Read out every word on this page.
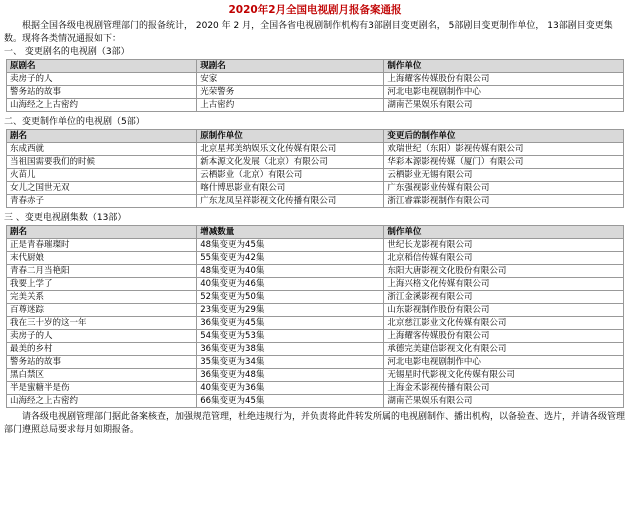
2020年2月全国电视剧月报备案通报
根据全国各级电视剧管理部门的报备统计， 2020 年 2 月，全国各省电视剧制作机构有3部剧目变更剧名， 5部剧目变更制作单位， 13部剧目变更集数。现将各类情况通报如下：
一、 变更剧名的电视剧（3部）
原剧名	现剧名	制作单位
卖房子的人	安家	上海耀客传媒股份有限公司
警务站的故事	光荣警务	河北电影电视剧制作中心
山海经之上古密约	上古密约	湖南芒果娱乐有限公司
二、变更制作单位的电视剧（5部）
剧名	原制作单位	变更后的制作单位
东成西就	北京星邦美纳娱乐文化传媒有限公司	欢瑞世纪（东阳）影视传媒有限公司
当祖国需要我们的时候	新本源文化发展（北京）有限公司	华彩本源影视传媒（厦门）有限公司
火苗儿	云栖影业（北京）有限公司	云栖影业无锡有限公司
女儿之国世无双	喀什博思影业有限公司	广东强视影业传媒有限公司
青春赤子	广东龙凤呈祥影视文化传播有限公司	浙江睿霖影视制作有限公司
三 、变更电视剧集数（13部）
剧名	增减数量	制作单位
正是青春璀璨时	48集变更为45集	世纪长龙影视有限公司
末代厨娘	55集变更为42集	北京稻信传媒有限公司
青春二月当艳阳	48集变更为40集	东阳大唐影视文化股份有限公司
我要上学了	40集变更为46集	上海兴格文化传媒有限公司
完美关系	52集变更为50集	浙江金溪影视有限公司
百尊迷踪	23集变更为29集	山东影视制作股份有限公司
我在三十岁的这一年	36集变更为45集	北京慈江影业文化传媒有限公司
卖房子的人	54集变更为53集	上海耀客传媒股份有限公司
最美的乡村	36集变更为38集	承德完美建信影视文化有限公司
警务站的故事	35集变更为34集	河北电影电视剧制作中心
黑白禁区	36集变更为48集	无锡星时代影视文化传媒有限公司
半是蜜糖半是伤	40集变更为36集	上海金禾影视传播有限公司
山海经之上古密约	66集变更为45集	湖南芒果娱乐有限公司
请各级电视剧管理部门据此备案核查，加强规范管理，杜绝违规行为，并负责将此件转发所属的电视剧制作、播出机构，以备验查、选片，并请各级管理部门遵照总局要求每月如期报备。
